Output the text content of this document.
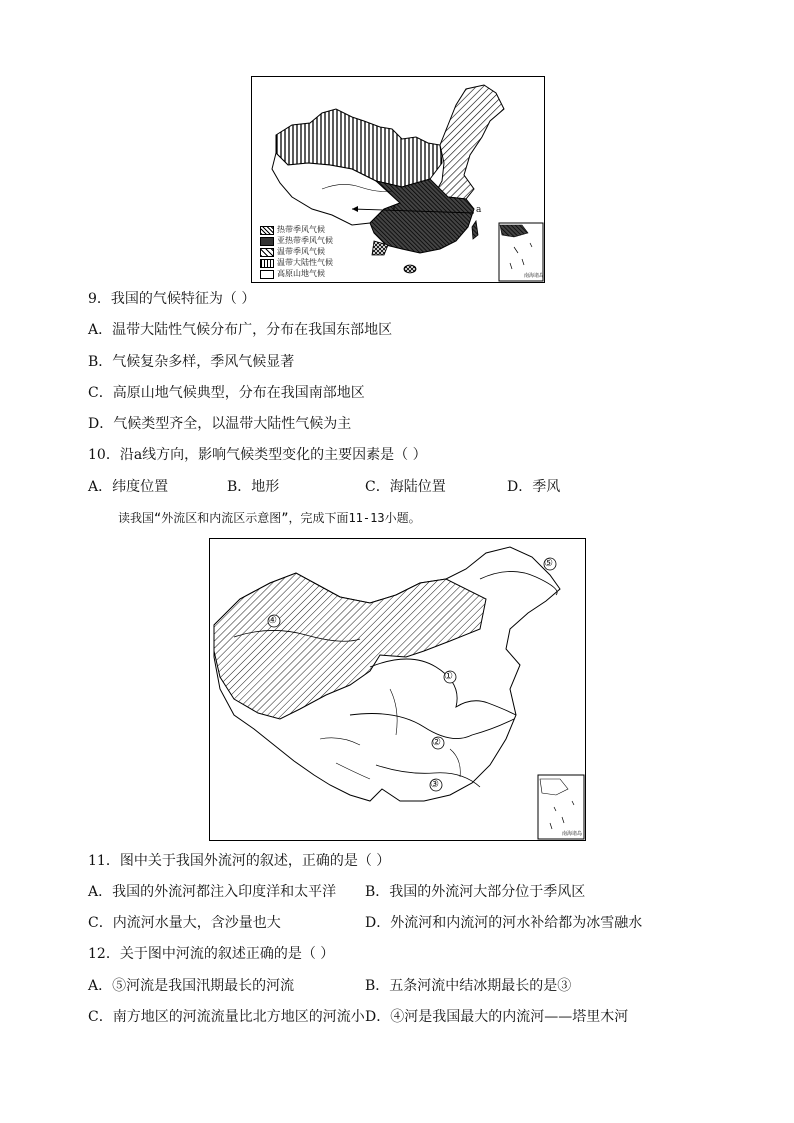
热带季风气候
亚热带季风气候
温带季风气候
温带大陆性气候
高原山地气候
a
南海诸岛
9．我国的气候特征为（ ）
A．温带大陆性气候分布广，分布在我国东部地区
B．气候复杂多样，季风气候显著
C．高原山地气候典型，分布在我国南部地区
D．气候类型齐全，以温带大陆性气候为主
10．沿a线方向，影响气候类型变化的主要因素是（ ）
A．纬度位置	B．地形	C．海陆位置	D．季风
读我国“外流区和内流区示意图”，完成下面11-13小题。
①
②
③
④
⑤
南海诸岛
11．图中关于我国外流河的叙述，正确的是（ ）
A．我国的外流河都注入印度洋和太平洋 B．我国的外流河大部分位于季风区
C．内流河水量大，含沙量也大	D．外流河和内流河的河水补给都为冰雪融水
12．关于图中河流的叙述正确的是（ ）
A．⑤河流是我国汛期最长的河流	B．五条河流中结冰期最长的是③
C．南方地区的河流流量比北方地区的河流小 D．④河是我国最大的内流河——塔里木河
